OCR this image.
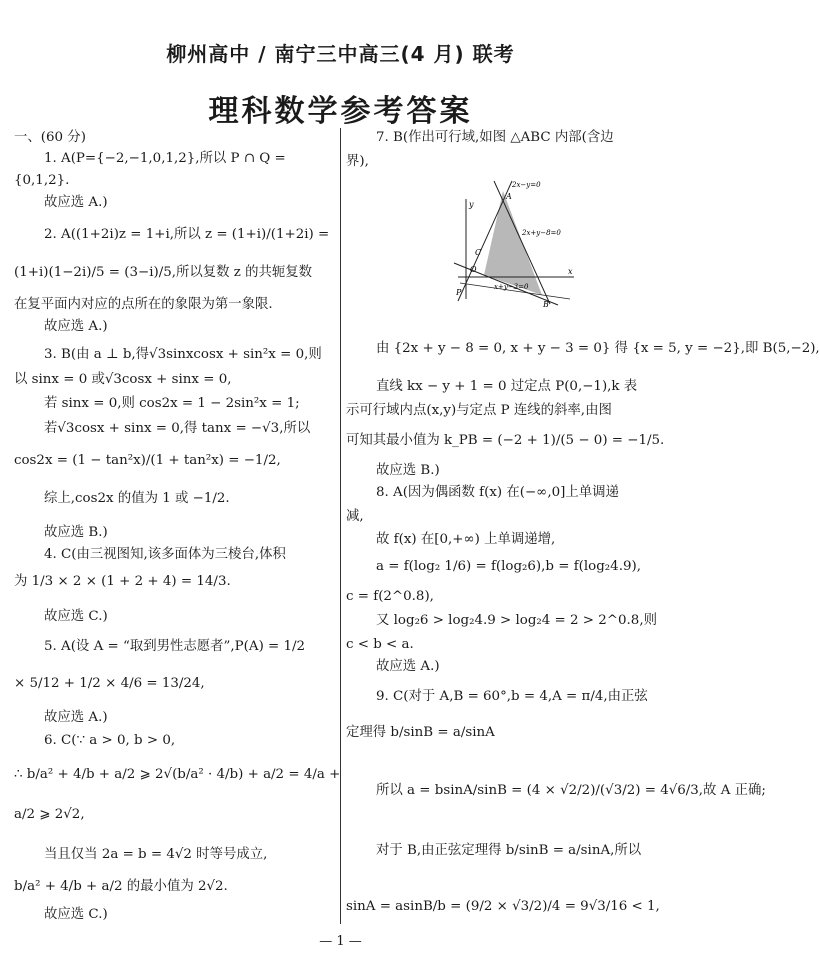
柳州高中 / 南宁三中高三(4 月) 联考
理科数学参考答案
一、(60 分)
1. A(P={−2,−1,0,1,2},所以 P ∩ Q =
{0,1,2}.
故应选 A.)
2. A((1+2i)z = 1+i,所以 z = (1+i)/(1+2i) =
(1+i)(1−2i)/5 = (3−i)/5,所以复数 z 的共轭复数
在复平面内对应的点所在的象限为第一象限.
故应选 A.)
3. B(由 a ⊥ b,得√3sinxcosx + sin²x = 0,则
以 sinx = 0 或√3cosx + sinx = 0,
若 sinx = 0,则 cos2x = 1 − 2sin²x = 1;
若√3cosx + sinx = 0,得 tanx = −√3,所以
cos2x = (1 − tan²x)/(1 + tan²x) = −1/2,
综上,cos2x 的值为 1 或 −1/2.
故应选 B.)
4. C(由三视图知,该多面体为三棱台,体积
为 1/3 × 2 × (1 + 2 + 4) = 14/3.
故应选 C.)
5. A(设 A = “取到男性志愿者”,P(A) = 1/2
× 5/12 + 1/2 × 4/6 = 13/24,
故应选 A.)
6. C(∵ a > 0, b > 0,
∴ b/a² + 4/b + a/2 ⩾ 2√(b/a² · 4/b) + a/2 = 4/a +
a/2 ⩾ 2√2,
当且仅当 2a = b = 4√2 时等号成立,
b/a² + 4/b + a/2 的最小值为 2√2.
故应选 C.)
7. B(作出可行域,如图 △ABC 内部(含边
界),
2x−y=0
2x+y−8=0
x+y−3=0
y
x
O
A
B
C
P
由 {2x + y − 8 = 0, x + y − 3 = 0} 得 {x = 5, y = −2},即 B(5,−2),
直线 kx − y + 1 = 0 过定点 P(0,−1),k 表
示可行域内点(x,y)与定点 P 连线的斜率,由图
可知其最小值为 k_PB = (−2 + 1)/(5 − 0) = −1/5.
故应选 B.)
8. A(因为偶函数 f(x) 在(−∞,0]上单调递
减,
故 f(x) 在[0,+∞) 上单调递增,
a = f(log₂ 1/6) = f(log₂6),b = f(log₂4.9),
c = f(2^0.8),
又 log₂6 > log₂4.9 > log₂4 = 2 > 2^0.8,则
c < b < a.
故应选 A.)
9. C(对于 A,B = 60°,b = 4,A = π/4,由正弦
定理得 b/sinB = a/sinA
所以 a = bsinA/sinB = (4 × √2/2)/(√3/2) = 4√6/3,故 A 正确;
对于 B,由正弦定理得 b/sinB = a/sinA,所以
sinA = asinB/b = (9/2 × √3/2)/4 = 9√3/16 < 1,
— 1 —
